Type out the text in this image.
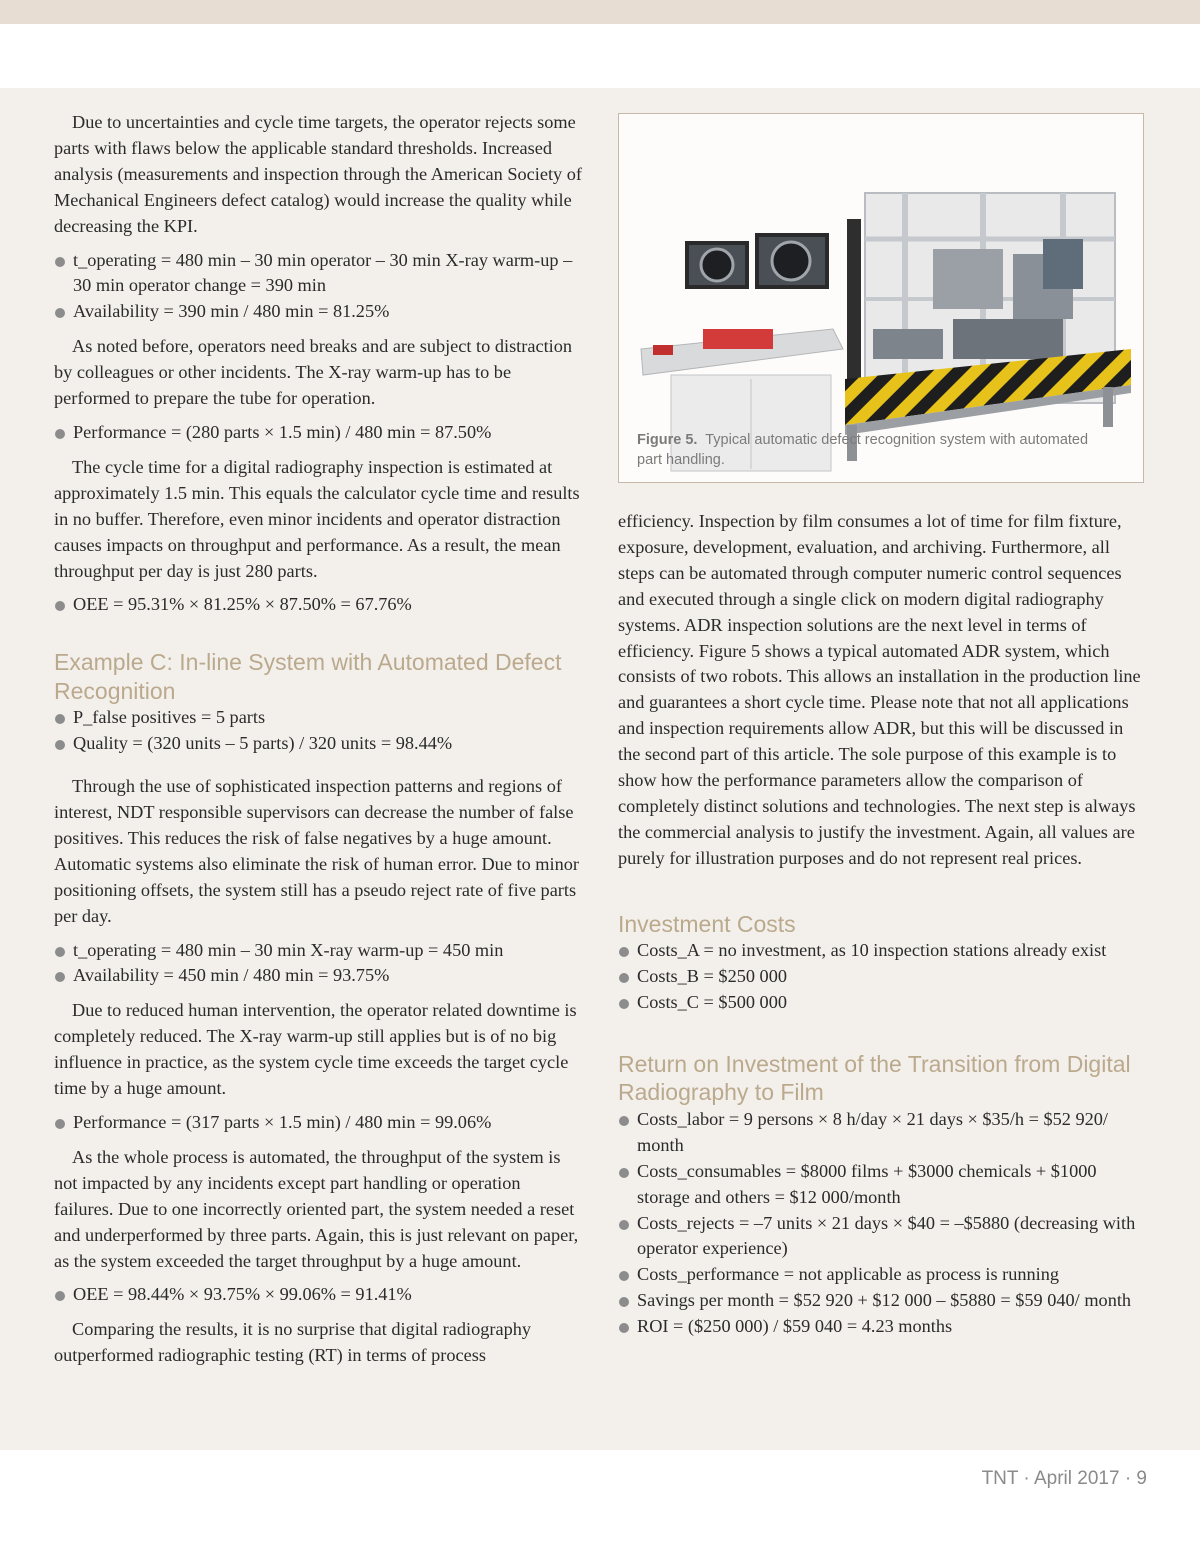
Due to uncertainties and cycle time targets, the operator rejects some parts with flaws below the applicable standard thresholds. Increased analysis (measurements and inspection through the American Society of Mechanical Engineers defect catalog) would increase the quality while decreasing the KPI.

t_operating = 480 min – 30 min operator – 30 min X-ray warm-up – 30 min operator change = 390 min
Availability = 390 min / 480 min = 81.25%

As noted before, operators need breaks and are subject to distraction by colleagues or other incidents. The X-ray warm-up has to be performed to prepare the tube for operation.

Performance = (280 parts × 1.5 min) / 480 min = 87.50%

The cycle time for a digital radiography inspection is estimated at approximately 1.5 min. This equals the calculator cycle time and results in no buffer. Therefore, even minor incidents and operator distraction causes impacts on throughput and performance. As a result, the mean throughput per day is just 280 parts.

OEE = 95.31% × 81.25% × 87.50% = 67.76%
Example C: In-line System with Automated Defect Recognition
P_false positives = 5 parts
Quality = (320 units – 5 parts) / 320 units = 98.44%

Through the use of sophisticated inspection patterns and regions of interest, NDT responsible supervisors can decrease the number of false positives. This reduces the risk of false negatives by a huge amount. Automatic systems also eliminate the risk of human error. Due to minor positioning offsets, the system still has a pseudo reject rate of five parts per day.

t_operating = 480 min – 30 min X-ray warm-up = 450 min
Availability = 450 min / 480 min = 93.75%

Due to reduced human intervention, the operator related downtime is completely reduced. The X-ray warm-up still applies but is of no big influence in practice, as the system cycle time exceeds the target cycle time by a huge amount.

Performance = (317 parts × 1.5 min) / 480 min = 99.06%

As the whole process is automated, the throughput of the system is not impacted by any incidents except part handling or operation failures. Due to one incorrectly oriented part, the system needed a reset and underperformed by three parts. Again, this is just relevant on paper, as the system exceeded the target throughput by a huge amount.

OEE = 98.44% × 93.75% × 99.06% = 91.41%

Comparing the results, it is no surprise that digital radiography outperformed radiographic testing (RT) in terms of process

Figure 5. Typical automatic defect recognition system with automated part handling.

efficiency. Inspection by film consumes a lot of time for film fixture, exposure, development, evaluation, and archiving. Furthermore, all steps can be automated through computer numeric control sequences and executed through a single click on modern digital radiography systems. ADR inspection solutions are the next level in terms of efficiency. Figure 5 shows a typical automated ADR system, which consists of two robots. This allows an installation in the production line and guarantees a short cycle time. Please note that not all applications and inspection requirements allow ADR, but this will be discussed in the second part of this article. The sole purpose of this example is to show how the performance parameters allow the comparison of completely distinct solutions and technologies. The next step is always the commercial analysis to justify the investment. Again, all values are purely for illustration purposes and do not represent real prices.

Investment Costs
Costs_A = no investment, as 10 inspection stations already exist
Costs_B = $250 000
Costs_C = $500 000
Return on Investment of the Transition from Digital Radiography to Film
Costs_labor = 9 persons × 8 h/day × 21 days × $35/h = $52 920/ month
Costs_consumables = $8000 films + $3000 chemicals + $1000 storage and others = $12 000/month
Costs_rejects = –7 units × 21 days × $40 = –$5880 (decreasing with operator experience)
Costs_performance = not applicable as process is running
Savings per month = $52 920 + $12 000 – $5880 = $59 040/ month
ROI = ($250 000) / $59 040 = 4.23 months
TNT · April 2017 · 9
